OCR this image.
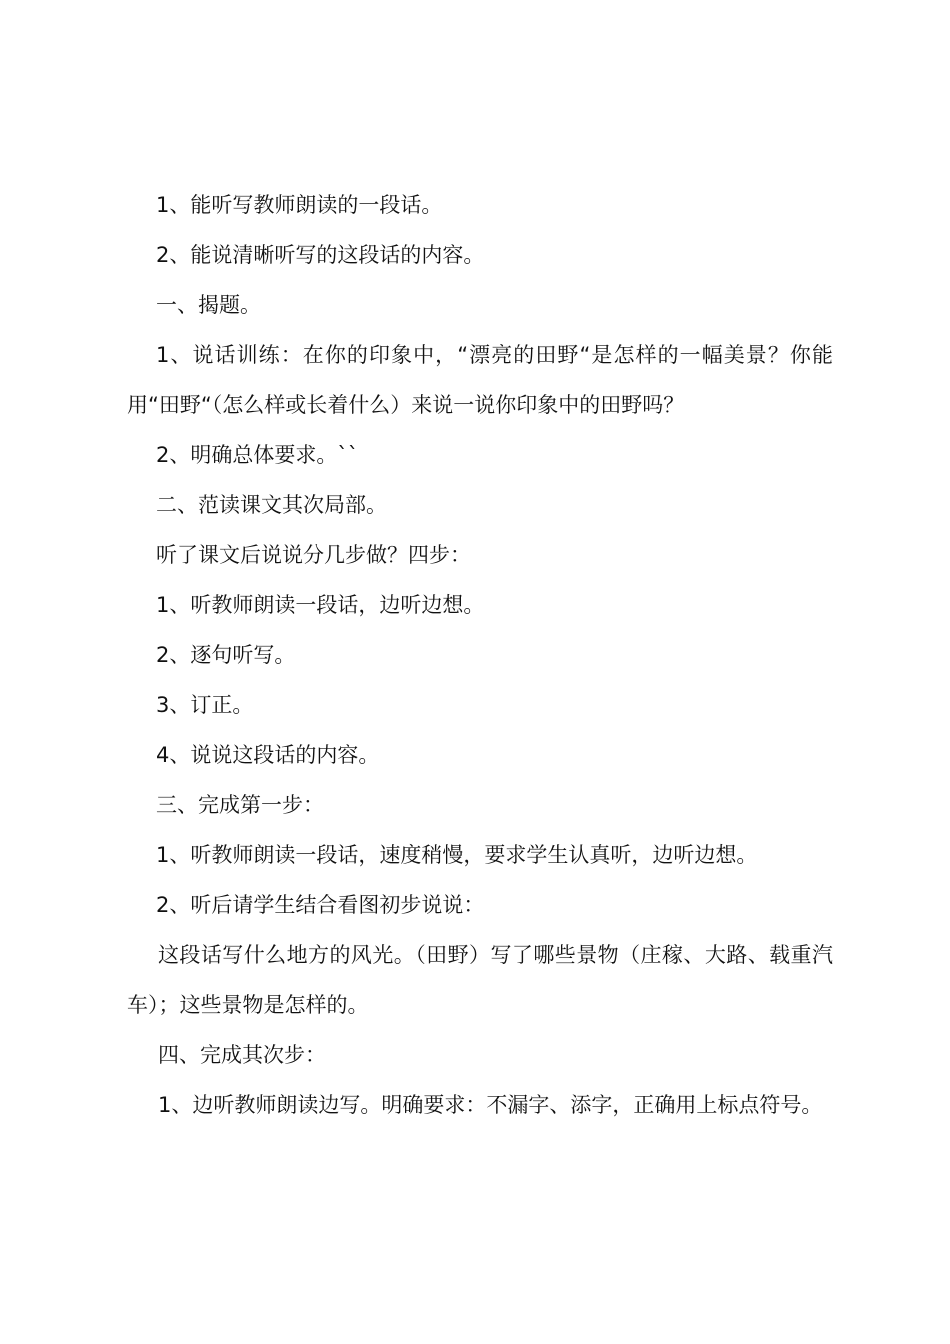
1、能听写教师朗读的一段话。

2、能说清晰听写的这段话的内容。

一、揭题。

1、说话训练：在你的印象中，“漂亮的田野“是怎样的一幅美景？你能用“田野“（怎么样或长着什么）来说一说你印象中的田野吗？

2、明确总体要求。``

二、范读课文其次局部。

听了课文后说说分几步做？四步：

1、听教师朗读一段话，边听边想。

2、逐句听写。

3、订正。

4、说说这段话的内容。

三、完成第一步：

1、听教师朗读一段话，速度稍慢，要求学生认真听，边听边想。

2、听后请学生结合看图初步说说：

这段话写什么地方的风光。（田野）写了哪些景物（庄稼、大路、载重汽车）；这些景物是怎样的。

四、完成其次步：

1、边听教师朗读边写。明确要求：不漏字、添字，正确用上标点符号。
